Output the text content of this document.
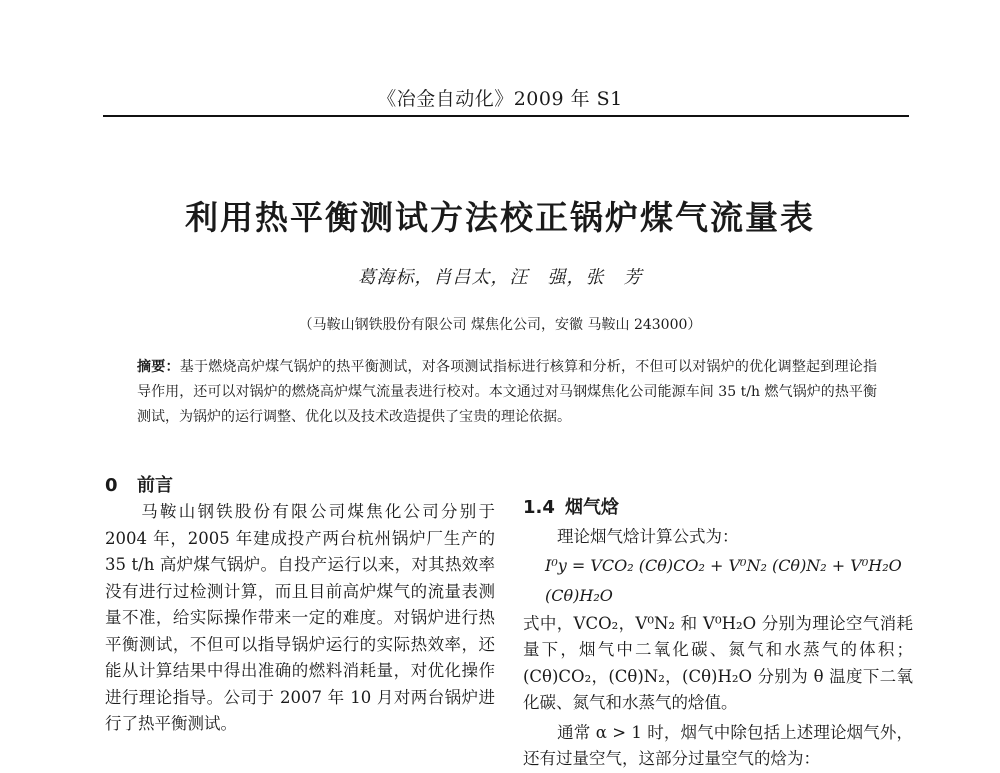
《冶金自动化》2009 年 S1
利用热平衡测试方法校正锅炉煤气流量表
葛海标，肖吕太，汪　强，张　芳
（马鞍山钢铁股份有限公司 煤焦化公司，安徽 马鞍山 243000）
摘要：基于燃烧高炉煤气锅炉的热平衡测试，对各项测试指标进行核算和分析，不但可以对锅炉的优化调整起到理论指导作用，还可以对锅炉的燃烧高炉煤气流量表进行校对。本文通过对马钢煤焦化公司能源车间 35 t/h 燃气锅炉的热平衡测试，为锅炉的运行调整、优化以及技术改造提供了宝贵的理论依据。
0 前言
马鞍山钢铁股份有限公司煤焦化公司分别于 2004 年，2005 年建成投产两台杭州锅炉厂生产的 35 t/h 高炉煤气锅炉。自投产运行以来，对其热效率没有进行过检测计算，而且目前高炉煤气的流量表测量不准，给实际操作带来一定的难度。对锅炉进行热平衡测试，不但可以指导锅炉运行的实际热效率，还能从计算结果中得出准确的燃料消耗量，对优化操作进行理论指导。公司于 2007 年 10 月对两台锅炉进行了热平衡测试。
1.4 烟气焓
理论烟气焓计算公式为：
I⁰y = VCO₂ (Cθ)CO₂ + V⁰N₂ (Cθ)N₂ + V⁰H₂O (Cθ)H₂O
式中，VCO₂，V⁰N₂ 和 V⁰H₂O 分别为理论空气消耗量下，烟气中二氧化碳、氮气和水蒸气的体积；(Cθ)CO₂，(Cθ)N₂，(Cθ)H₂O 分别为 θ 温度下二氧化碳、氮气和水蒸气的焓值。
通常 α > 1 时，烟气中除包括上述理论烟气外，还有过量空气，这部分过量空气的焓为：
